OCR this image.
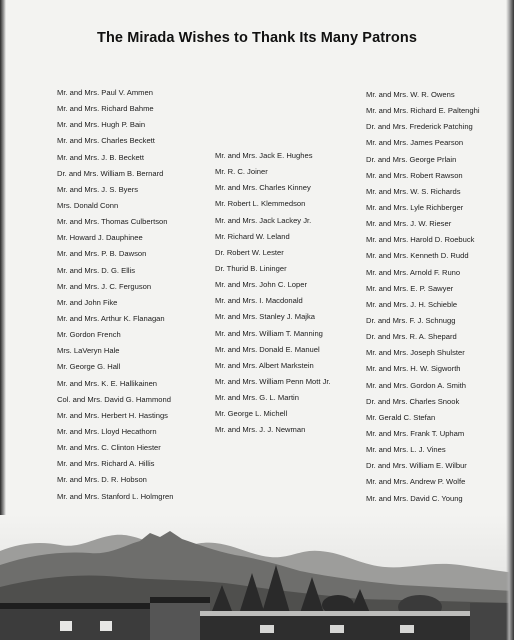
The Mirada Wishes to Thank Its Many Patrons
Mr. and Mrs. Paul V. Ammen
Mr. and Mrs. Richard Bahme
Mr. and Mrs. Hugh P. Bain
Mr. and Mrs. Charles Beckett
Mr. and Mrs. J. B. Beckett
Dr. and Mrs. William B. Bernard
Mr. and Mrs. J. S. Byers
Mrs. Donald Conn
Mr. and Mrs. Thomas Culbertson
Mr. Howard J. Dauphinee
Mr. and Mrs. P. B. Dawson
Mr. and Mrs. D. G. Ellis
Mr. and Mrs. J. C. Ferguson
Mr. and John Fike
Mr. and Mrs. Arthur K. Flanagan
Mr. Gordon French
Mrs. LaVeryn Hale
Mr. George G. Hall
Mr. and Mrs. K. E. Hallikainen
Col. and Mrs. David G. Hammond
Mr. and Mrs. Herbert H. Hastings
Mr. and Mrs. Lloyd Hecathorn
Mr. and Mrs. C. Clinton Hiester
Mr. and Mrs. Richard A. Hillis
Mr. and Mrs. D. R. Hobson
Mr. and Mrs. Stanford L. Holmgren
Mr. and Mrs. Jack E. Hughes
Mr. R. C. Joiner
Mr. and Mrs. Charles Kinney
Mr. Robert L. Klemmedson
Mr. and Mrs. Jack Lackey Jr.
Mr. Richard W. Leland
Dr. Robert W. Lester
Dr. Thurid B. Lininger
Mr. and Mrs. John C. Loper
Mr. and Mrs. I. Macdonald
Mr. and Mrs. Stanley J. Majka
Mr. and Mrs. William T. Manning
Mr. and Mrs. Donald E. Manuel
Mr. and Mrs. Albert Markstein
Mr. and Mrs. William Penn Mott Jr.
Mr. and Mrs. G. L. Martin
Mr. George L. Michell
Mr. and Mrs. J. J. Newman
Mr. and Mrs. W. R. Owens
Mr. and Mrs. Richard E. Paltenghi
Dr. and Mrs. Frederick Patching
Mr. and Mrs. James Pearson
Dr. and Mrs. George Prlain
Mr. and Mrs. Robert Rawson
Mr. and Mrs. W. S. Richards
Mr. and Mrs. Lyle Richberger
Mr. and Mrs. J. W. Rieser
Mr. and Mrs. Harold D. Roebuck
Mr. and Mrs. Kenneth D. Rudd
Mr. and Mrs. Arnold F. Runo
Mr. and Mrs. E. P. Sawyer
Mr. and Mrs. J. H. Schieble
Dr. and Mrs. F. J. Schnugg
Dr. and Mrs. R. A. Shepard
Mr. and Mrs. Joseph Shulster
Mr. and Mrs. H. W. Sigworth
Mr. and Mrs. Gordon A. Smith
Dr. and Mrs. Charles Snook
Mr. Gerald C. Stefan
Mr. and Mrs. Frank T. Upham
Mr. and Mrs. L. J. Vines
Dr. and Mrs. William E. Wilbur
Mr. and Mrs. Andrew P. Wolfe
Mr. and Mrs. David C. Young
